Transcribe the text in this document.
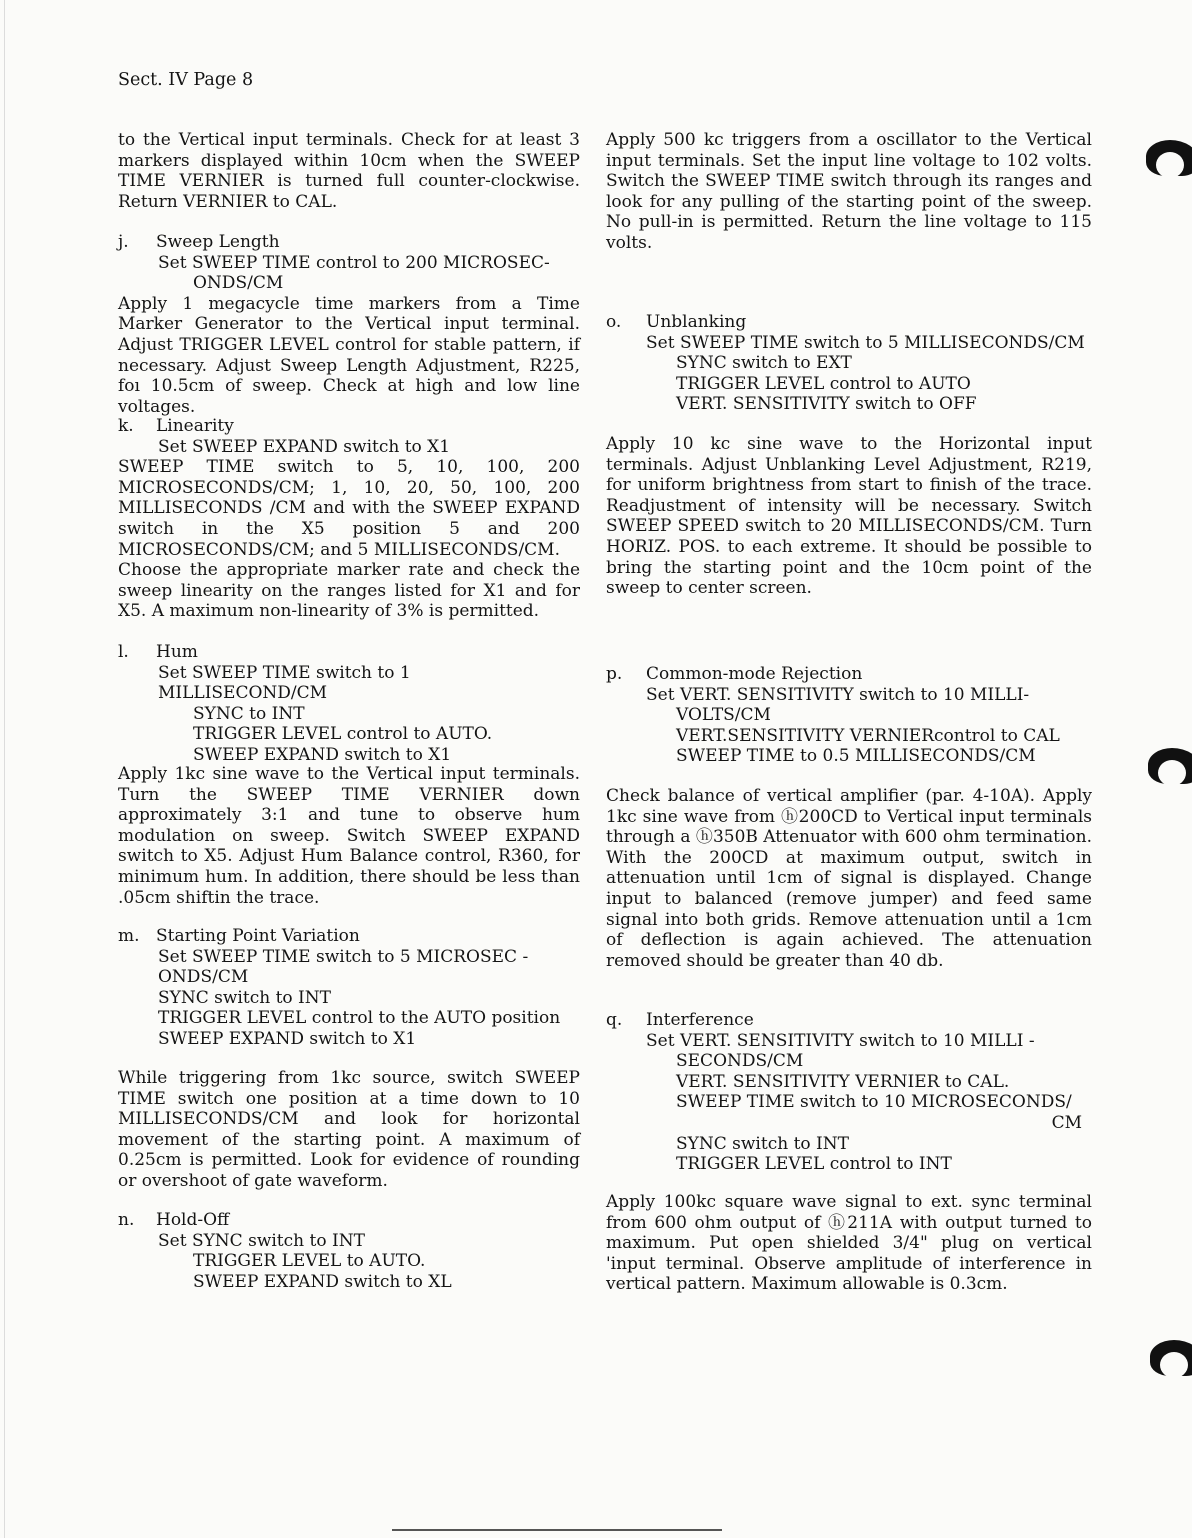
Sect. IV Page 8

to the Vertical input terminals. Check for at least 3 markers displayed within 10cm when the SWEEP TIME VERNIER is turned full counter-clockwise. Return VERNIER to CAL.

j. Sweep Length

Set SWEEP TIME control to 200 MICROSEC-

ONDS/CM

Apply 1 megacycle time markers from a Time Marker Generator to the Vertical input terminal. Adjust TRIGGER LEVEL control for stable pattern, if necessary. Adjust Sweep Length Adjustment, R225, foı 10.5cm of sweep. Check at high and low line voltages.

k. Linearity

Set SWEEP EXPAND switch to X1

SWEEP TIME switch to 5, 10, 100, 200 MICROSECONDS/CM; 1, 10, 20, 50, 100, 200 MILLISECONDS /CM and with the SWEEP EXPAND switch in the X5 position 5 and 200 MICROSECONDS/CM; and 5 MILLISECONDS/CM.

Choose the appropriate marker rate and check the sweep linearity on the ranges listed for X1 and for X5. A maximum non-linearity of 3% is permitted.

l. Hum

Set SWEEP TIME switch to 1 MILLISECOND/CM

SYNC to INT

TRIGGER LEVEL control to AUTO.

SWEEP EXPAND switch to X1

Apply 1kc sine wave to the Vertical input terminals. Turn the SWEEP TIME VERNIER down approximately 3:1 and tune to observe hum modulation on sweep. Switch SWEEP EXPAND switch to X5. Adjust Hum Balance control, R360, for minimum hum. In addition, there should be less than .05cm shiftin the trace.

m. Starting Point Variation

Set SWEEP TIME switch to 5 MICROSEC -

ONDS/CM

SYNC switch to INT

TRIGGER LEVEL control to the AUTO position

SWEEP EXPAND switch to X1

While triggering from 1kc source, switch SWEEP TIME switch one position at a time down to 10 MILLISECONDS/CM and look for horizontal movement of the starting point. A maximum of 0.25cm is permitted. Look for evidence of rounding or overshoot of gate waveform.

n. Hold-Off

Set SYNC switch to INT

TRIGGER LEVEL to AUTO.

SWEEP EXPAND switch to XL

Apply 500 kc triggers from a oscillator to the Vertical input terminals. Set the input line voltage to 102 volts. Switch the SWEEP TIME switch through its ranges and look for any pulling of the starting point of the sweep. No pull-in is permitted. Return the line voltage to 115 volts.

o. Unblanking

Set SWEEP TIME switch to 5 MILLISECONDS/CM

SYNC switch to EXT

TRIGGER LEVEL control to AUTO

VERT. SENSITIVITY switch to OFF

Apply 10 kc sine wave to the Horizontal input terminals. Adjust Unblanking Level Adjustment, R219, for uniform brightness from start to finish of the trace. Readjustment of intensity will be necessary. Switch SWEEP SPEED switch to 20 MILLISECONDS/CM. Turn HORIZ. POS. to each extreme. It should be possible to bring the starting point and the 10cm point of the sweep to center screen.

p. Common-mode Rejection

Set VERT. SENSITIVITY switch to 10 MILLI-

VOLTS/CM

VERT.SENSITIVITY VERNIERcontrol to CAL

SWEEP TIME to 0.5 MILLISECONDS/CM

Check balance of vertical amplifier (par. 4-10A). Apply 1kc sine wave from ⓗ200CD to Vertical input terminals through a ⓗ350B Attenuator with 600 ohm termination. With the 200CD at maximum output, switch in attenuation until 1cm of signal is displayed. Change input to balanced (remove jumper) and feed same signal into both grids. Remove attenuation until a 1cm of deflection is again achieved. The attenuation removed should be greater than 40 db.

q. Interference

Set VERT. SENSITIVITY switch to 10 MILLI -

SECONDS/CM

VERT. SENSITIVITY VERNIER to CAL.

SWEEP TIME switch to 10 MICROSECONDS/

CM

SYNC switch to INT

TRIGGER LEVEL control to INT

Apply 100kc square wave signal to ext. sync terminal from 600 ohm output of ⓗ211A with output turned to maximum. Put open shielded 3/4" plug on vertical 'input terminal. Observe amplitude of interference in vertical pattern. Maximum allowable is 0.3cm.
